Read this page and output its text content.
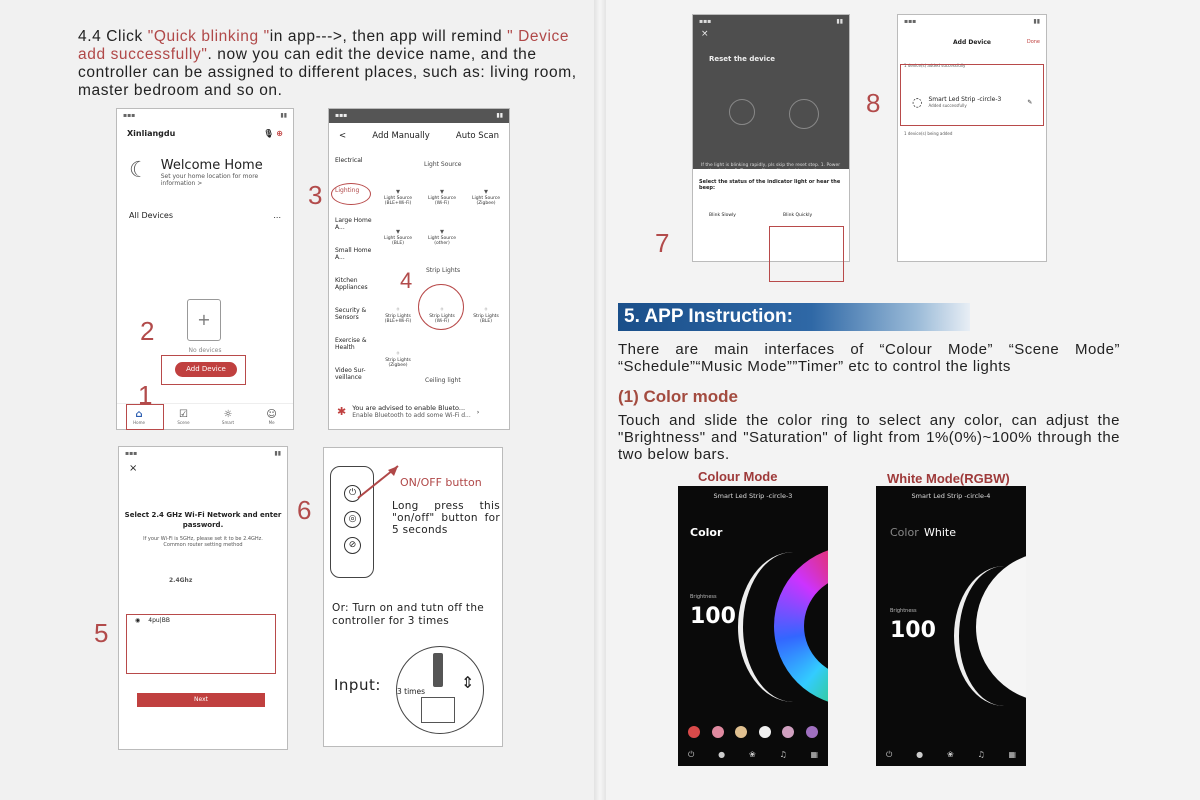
4.4 Click "Quick blinking "in app--->, then app will remind " Device add successfully". now you can edit the device name, and the controller can be assigned to different places, such as: living room, master bedroom and so on.
▪▪▪	▮▮
Xinliangdu	🎙 ⊕
☾ Welcome Home
Set your home location for more information >
All Devices	...
+
No devices
Add Device
⌂
Home
☑
Scene
☼
Smart
☺
Me
2
1
▪▪▪	▮▮
<	Add Manually	Auto Scan
Electrical
Lighting
Large Home A...
Small Home A...
Kitchen Appliances
Security & Sensors
Exercise & Health
Video Sur-veillance
Light Source
▾
Light Source (BLE+Wi-Fi)
▾
Light Source (Wi-Fi)
▾
Light Source (Zigbee)
▾
Light Source (BLE)
▾
Light Source (other)
Strip Lights
◦
Strip Lights (BLE+Wi-Fi)
◦
Strip Lights (Wi-Fi)
◦
Strip Lights (BLE)
◦
Strip Lights (Zigbee)
Ceiling light
✱ You are advised to enable Blueto...
Enable Bluetooth to add some Wi-Fi d... ›
3
4
▪▪▪	▮▮
×
Select 2.4 GHz Wi-Fi Network and enter password.
If your Wi-Fi is 5GHz, please set it to be 2.4GHz. Common router setting method
2.4Ghz
◉ 4pu|BB
Next
5
⏻
◎
⊘
ON/OFF button
Long press this "on/off" button for 5 seconds
Or: Turn on and tutn off the controller for 3 times
Input:	⇕
3 times
6
▪▪▪	▮▮
×
Reset the device
If the light is blinking rapidly, pls skip the reset step. 1. Power
Select the status of the indicator light or hear the beep:
Blink Slowly	Blink Quickly
7
▪▪▪	▮▮
Add Device	Done
1 device(s) added successfully
◌ Smart Led Strip -circle-3
Added successfully	✎
1 device(s) being added
8
5. APP Instruction:
There are main interfaces of “Colour Mode” “Scene Mode” “Schedule”“Music Mode””Timer” etc to control the lights
(1) Color mode
Touch and slide the color ring to select any color, can adjust the "Brightness" and "Saturation" of light from 1%(0%)~100% through the two below bars.
Colour Mode	White Mode(RGBW)
Smart Led Strip -circle-3
Color
Brightness
100
⏻	●	❀	♫	▦
Smart Led Strip -circle-4
Color White
Brightness
100
⏻	●	❀	♫	▦
